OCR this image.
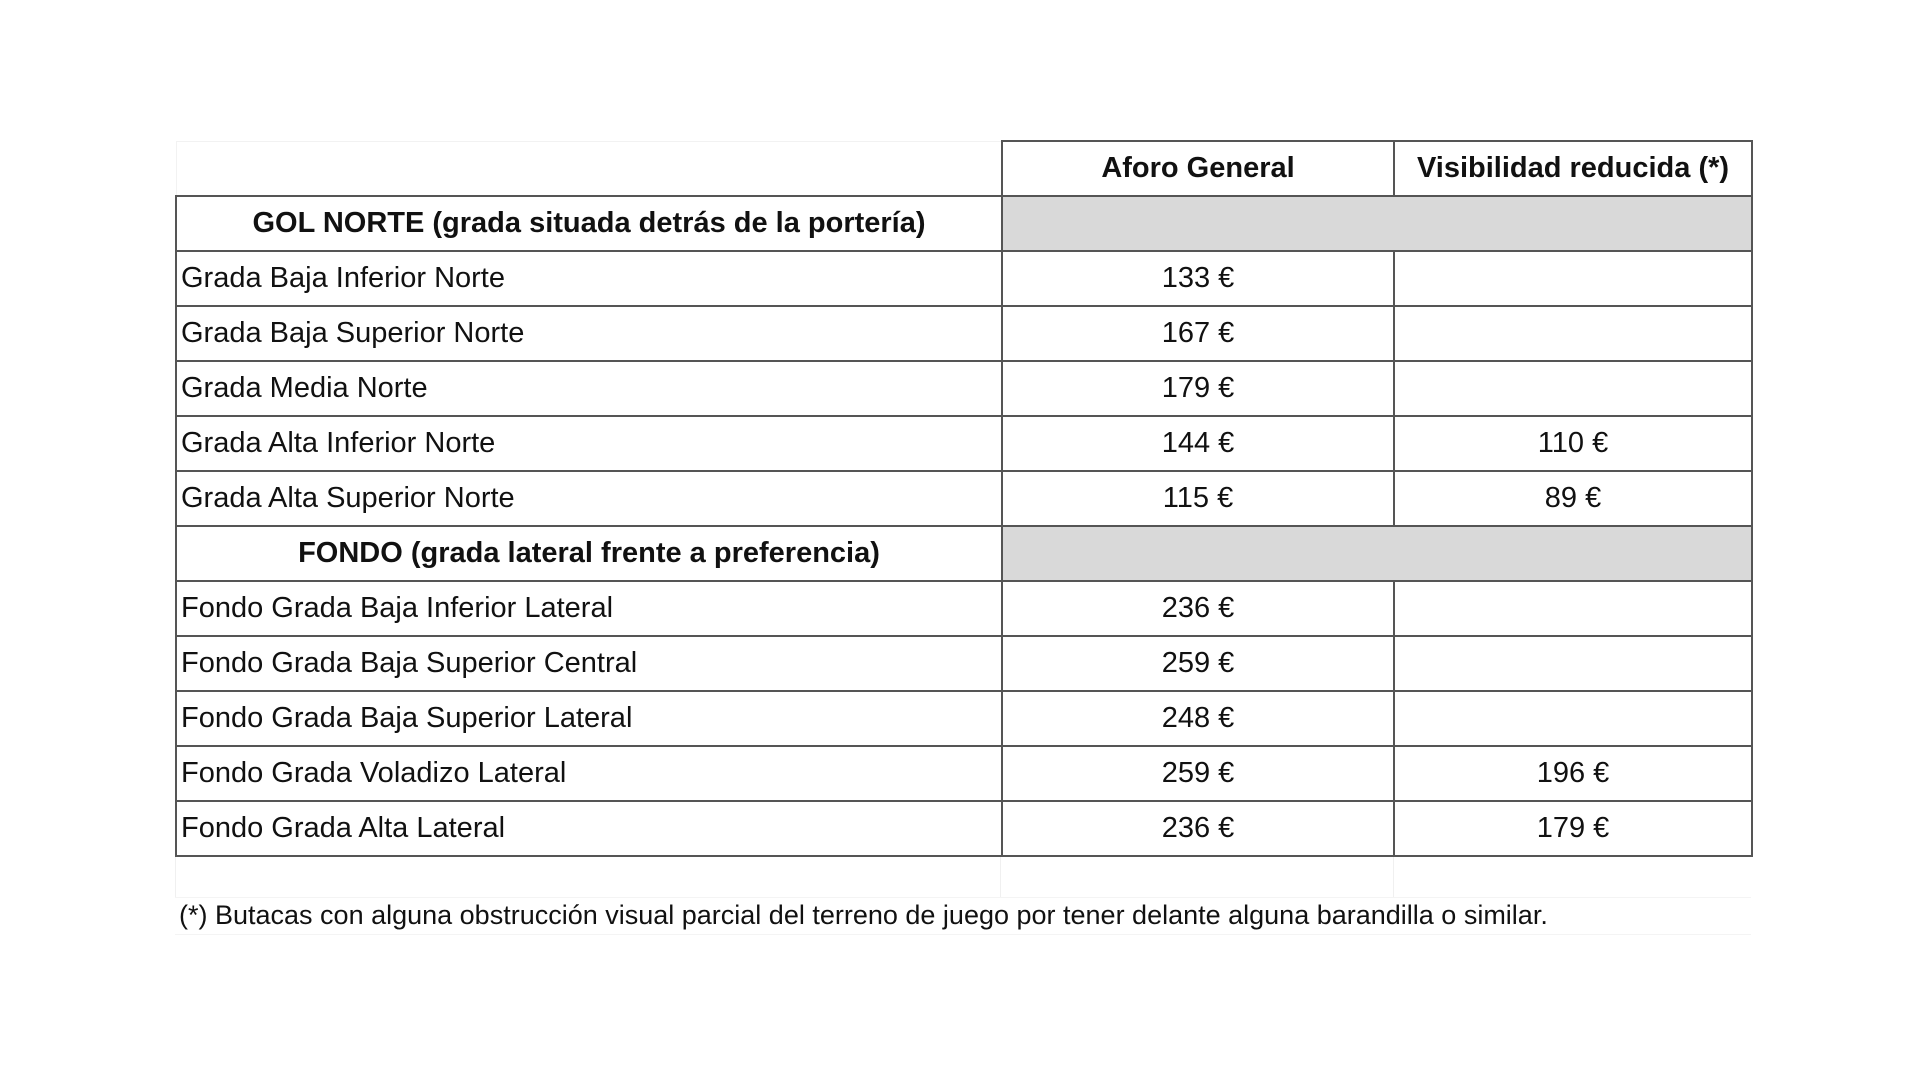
	Aforo General	Visibilidad reducida (*)
GOL NORTE (grada situada detrás de la portería)		
Grada Baja Inferior Norte	133 €	
Grada Baja Superior Norte	167 €	
Grada Media Norte	179 €	
Grada Alta Inferior Norte	144 €	110 €
Grada Alta Superior Norte	115 €	89 €
FONDO (grada lateral frente a preferencia)		
Fondo Grada Baja Inferior Lateral	236 €	
Fondo Grada Baja Superior Central	259 €	
Fondo Grada Baja Superior Lateral	248 €	
Fondo Grada Voladizo Lateral	259 €	196 €
Fondo Grada Alta Lateral	236 €	179 €
(*) Butacas con alguna obstrucción visual parcial del terreno de juego por tener delante alguna barandilla o similar.
